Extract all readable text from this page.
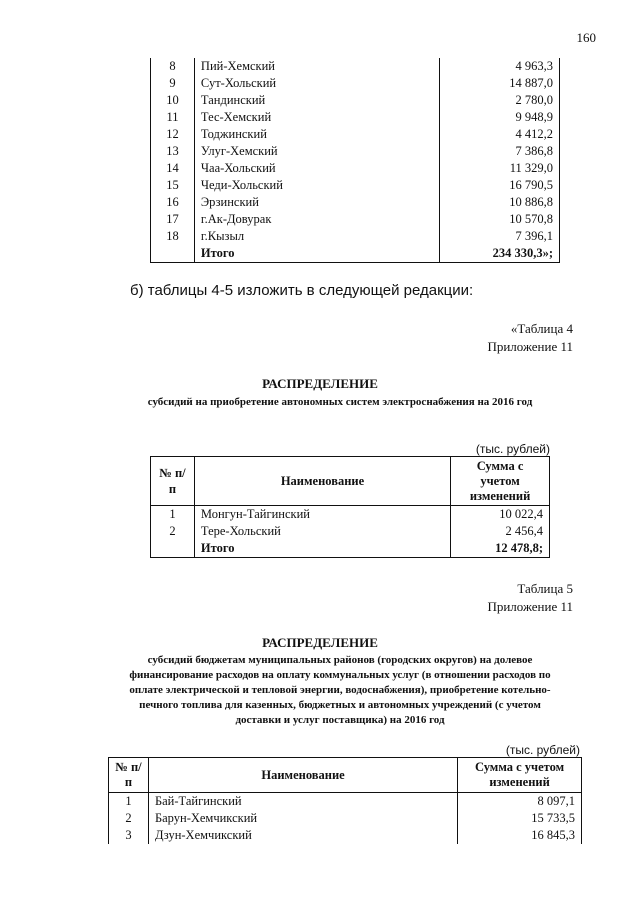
160
8	Пий-Хемский	4 963,3
9	Сут-Хольский	14 887,0
10	Тандинский	2 780,0
11	Тес-Хемский	9 948,9
12	Тоджинский	4 412,2
13	Улуг-Хемский	7 386,8
14	Чаа-Хольский	11 329,0
15	Чеди-Хольский	16 790,5
16	Эрзинский	10 886,8
17	г.Ак-Довурак	10 570,8
18	г.Кызыл	7 396,1
	Итого	234 330,3»;
б) таблицы 4-5 изложить в следующей редакции:
«Таблица 4
Приложение 11
РАСПРЕДЕЛЕНИЕ
субсидий на приобретение автономных систем электроснабжения на 2016 год
(тыс. рублей)
№ п/п	Наименование	Сумма с учетом изменений
1	Монгун-Тайгинский	10 022,4
2	Тере-Хольский	2 456,4
	Итого	12 478,8;
Таблица 5
Приложение 11
РАСПРЕДЕЛЕНИЕ
субсидий бюджетам муниципальных районов (городских округов) на долевое финансирование расходов на оплату коммунальных услуг (в отношении расходов по оплате электрической и тепловой энергии, водоснабжения), приобретение котельно-печного топлива для казенных, бюджетных и автономных учреждений (с учетом доставки и услуг поставщика) на 2016 год
(тыс. рублей)
№ п/п	Наименование	Сумма с учетом изменений
1	Бай-Тайгинский	8 097,1
2	Барун-Хемчикский	15 733,5
3	Дзун-Хемчикский	16 845,3
